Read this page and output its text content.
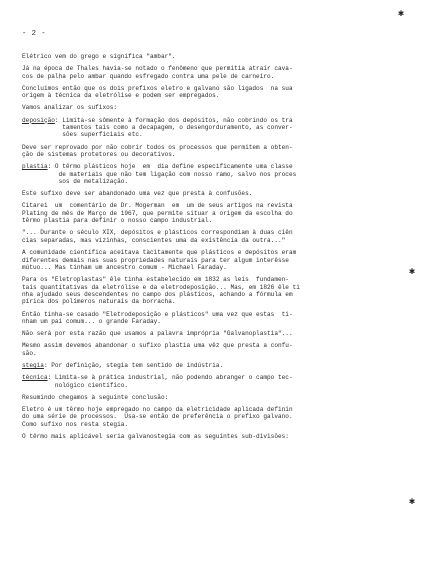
- 2 -
✱
✱
✱

Elétrico vem do grego e significa "ambar".

Já na época de Thales havia-se notado o fenômeno que permitia atrair cava-
cos de palha pelo ambar quando esfregado contra uma pele de carneiro.

Concluimos então que os dois prefixos eletro e galvano são ligados  na sua
origem à técnica da eletrólise e podem ser empregados.

Vamos analizar os sufixos:

deposição: Limita-se sômente à formação dos depósitos, não cobrindo os tra
tamentos tais como a decapagem, o desengorduramento, as conver-
sões superficiais etc.

Deve ser reprovado por não cobrir todos os processos que permitem a obten-
ção de sistemas protetores ou decorativos.

plastia: O têrmo plásticos hoje  em  dia define especificamente uma classe
de materiais que não tem ligação com nosso ramo, salvo nos proces
sos de metalização.

Este sufixo deve ser abandonado uma vez que presta à confusões.

Citarei  um  comentário de Dr. Mogerman  em  um de seus artigos na revista
Plating de mês de Março de 1967, que permite situar a origem da escolha do
têrmo plastia para definir o nosso campo industrial.

"... Durante o século XIX, depósitos e plásticos correspondiam à duas ciên
cias separadas, mas vizinhas, conscientes uma da existência da outra..."

A comunidade científica aceitava tàcitamente que plásticos e depósitos eram
diferentes demais nas suas propriedades naturais para ter algum interêsse
mútuo... Mas tinham um ancestro comum - Michael Faraday.

Para os "Eletroplastas" êle tinha estabelecido em 1832 as leis  fundamen-
tais quantitativas da eletrólise e da eletrodeposição... Mas, em 1826 êle ti
nha ajudado seus descendentes no campo dos plásticos, achando a fórmula em
pírica dos polímeros naturais da borracha.

Então tinha-se casado "Eletrodeposição e plásticos" uma vez que estas  ti-
nham um pai comum... o grande Faraday.

Não será por esta razão que usamos a palavra imprópria "Galvanoplastia"...

Mesmo assim devemos abandonar o sufixo plastia uma vêz que presta a confu-
são.

stegia: Por definição, stegia tem sentido de indústria.

técnica: Limita-se à prática industrial, não podendo abranger o campo tec-
nológico científico.

Resumindo chegamos à seguinte conclusão:

Eletro é um têrmo hoje empregado no campo da eletricidade aplicada definin
do uma série de processos.  Usa-se então de preferência o prefixo galvano.
Como sufixo nos resta stegia.

O têrmo mais aplicável seria galvanostegia com as seguintes sub-divisões:
